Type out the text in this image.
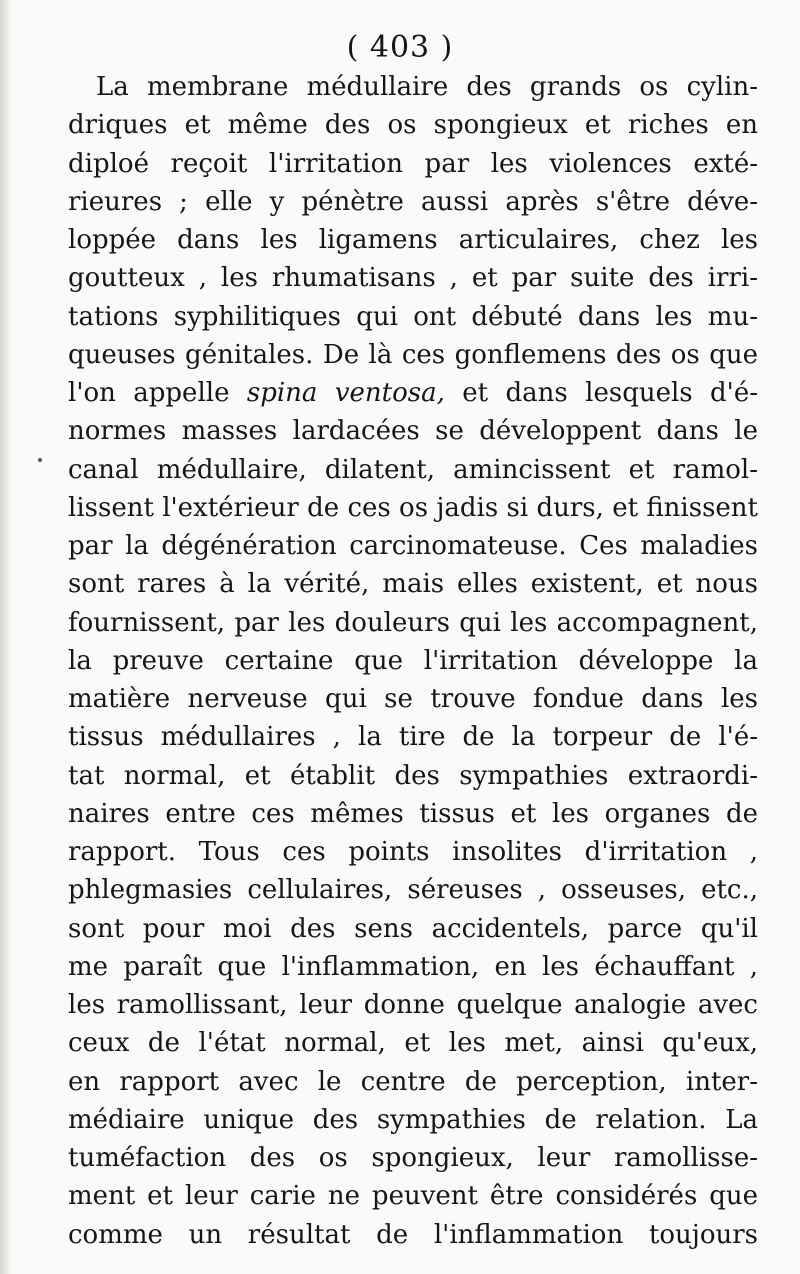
( 403 )
La membrane médullaire des grands os cylin-
driques et même des os spongieux et riches en
diploé reçoit l'irritation par les violences exté-
rieures ; elle y pénètre aussi après s'être déve-
loppée dans les ligamens articulaires, chez les
goutteux , les rhumatisans , et par suite des irri-
tations syphilitiques qui ont débuté dans les mu-
queuses génitales. De là ces gonflemens des os que
l'on appelle spina ventosa, et dans lesquels d'é-
normes masses lardacées se développent dans le
canal médullaire, dilatent, amincissent et ramol-
lissent l'extérieur de ces os jadis si durs, et finissent
par la dégénération carcinomateuse. Ces maladies
sont rares à la vérité, mais elles existent, et nous
fournissent, par les douleurs qui les accompagnent,
la preuve certaine que l'irritation développe la
matière nerveuse qui se trouve fondue dans les
tissus médullaires , la tire de la torpeur de l'é-
tat normal, et établit des sympathies extraordi-
naires entre ces mêmes tissus et les organes de
rapport. Tous ces points insolites d'irritation ,
phlegmasies cellulaires, séreuses , osseuses, etc.,
sont pour moi des sens accidentels, parce qu'il
me paraît que l'inflammation, en les échauffant ,
les ramollissant, leur donne quelque analogie avec
ceux de l'état normal, et les met, ainsi qu'eux,
en rapport avec le centre de perception, inter-
médiaire unique des sympathies de relation. La
tuméfaction des os spongieux, leur ramollisse-
ment et leur carie ne peuvent être considérés que
comme un résultat de l'inflammation toujours
